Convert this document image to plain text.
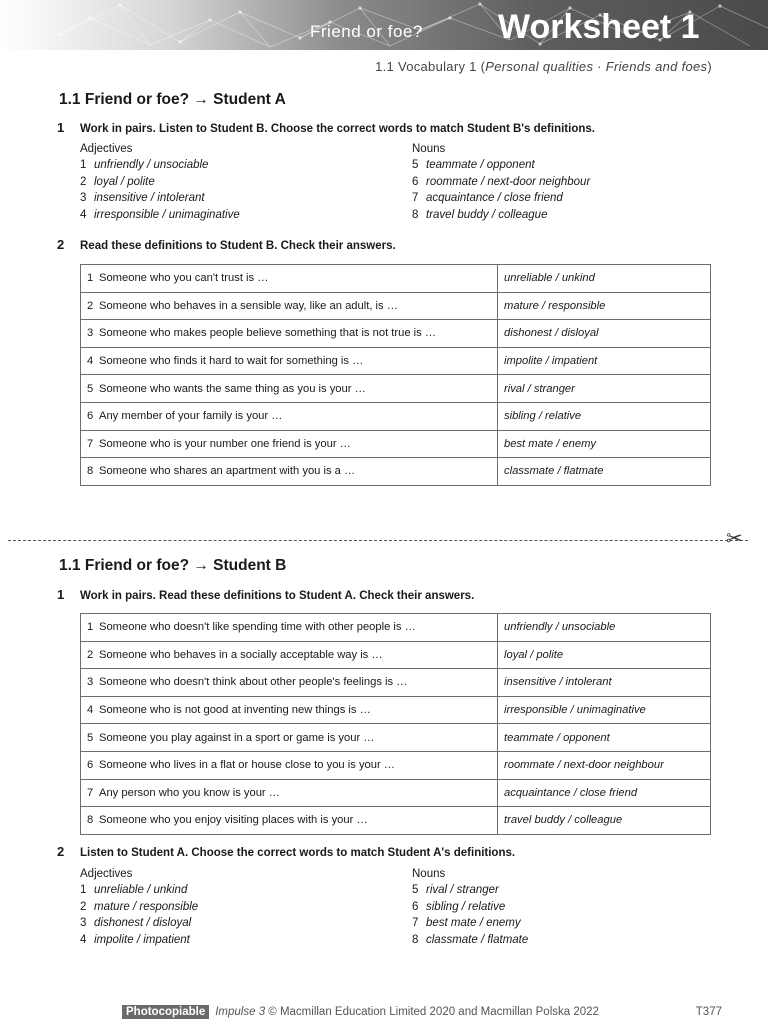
Friend or foe? Worksheet 1
1.1 Vocabulary 1 (Personal qualities · Friends and foes)
1.1 Friend or foe? → Student A
1 Work in pairs. Listen to Student B. Choose the correct words to match Student B's definitions.
Adjectives
1 unfriendly / unsociable
2 loyal / polite
3 insensitive / intolerant
4 irresponsible / unimaginative
Nouns
5 teammate / opponent
6 roommate / next-door neighbour
7 acquaintance / close friend
8 travel buddy / colleague
2 Read these definitions to Student B. Check their answers.
1 Someone who you can't trust is …	unreliable / unkind
2 Someone who behaves in a sensible way, like an adult, is …	mature / responsible
3 Someone who makes people believe something that is not true is …	dishonest / disloyal
4 Someone who finds it hard to wait for something is …	impolite / impatient
5 Someone who wants the same thing as you is your …	rival / stranger
6 Any member of your family is your …	sibling / relative
7 Someone who is your number one friend is your …	best mate / enemy
8 Someone who shares an apartment with you is a …	classmate / flatmate
✂
1.1 Friend or foe? → Student B
1 Work in pairs. Read these definitions to Student A. Check their answers.
1 Someone who doesn't like spending time with other people is …	unfriendly / unsociable
2 Someone who behaves in a socially acceptable way is …	loyal / polite
3 Someone who doesn't think about other people's feelings is …	insensitive / intolerant
4 Someone who is not good at inventing new things is …	irresponsible / unimaginative
5 Someone you play against in a sport or game is your …	teammate / opponent
6 Someone who lives in a flat or house close to you is your …	roommate / next-door neighbour
7 Any person who you know is your …	acquaintance / close friend
8 Someone who you enjoy visiting places with is your …	travel buddy / colleague
2 Listen to Student A. Choose the correct words to match Student A's definitions.
Adjectives
1 unreliable / unkind
2 mature / responsible
3 dishonest / disloyal
4 impolite / impatient
Nouns
5 rival / stranger
6 sibling / relative
7 best mate / enemy
8 classmate / flatmate
Photocopiable Impulse 3 © Macmillan Education Limited 2020 and Macmillan Polska 2022	T377
